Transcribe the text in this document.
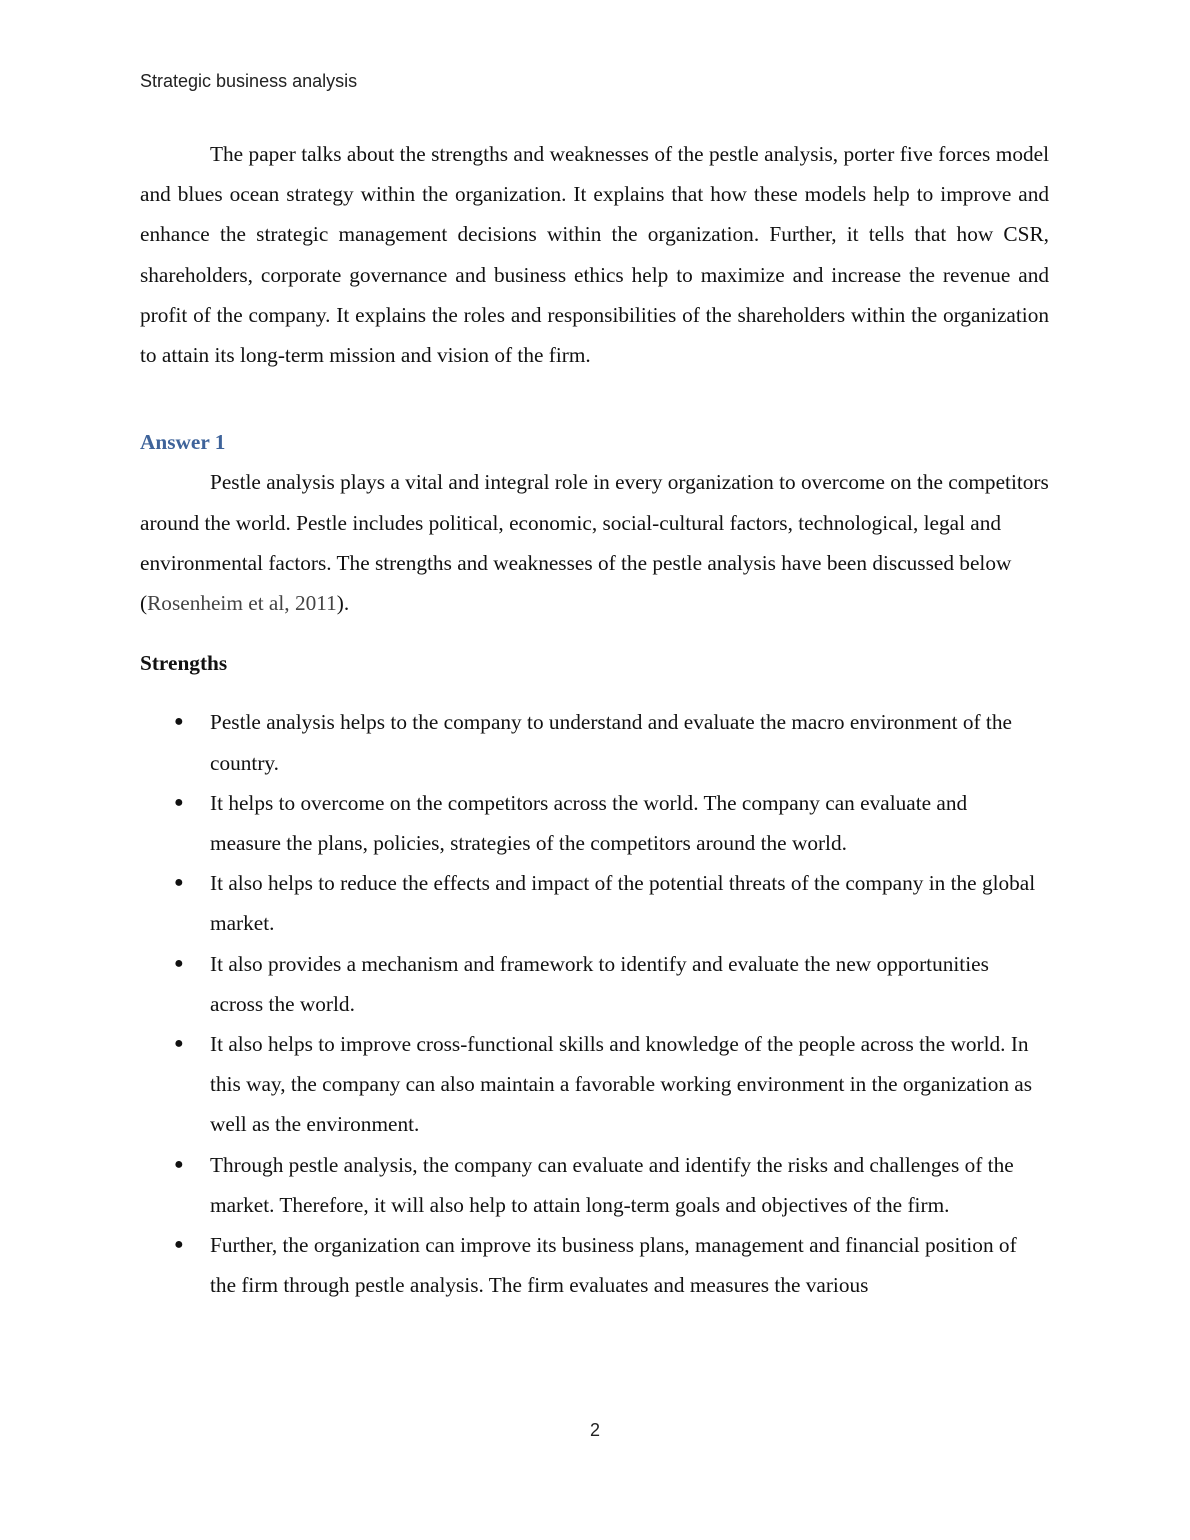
Strategic business analysis

The paper talks about the strengths and weaknesses of the pestle analysis, porter five forces model and blues ocean strategy within the organization. It explains that how these models help to improve and enhance the strategic management decisions within the organization. Further, it tells that how CSR, shareholders, corporate governance and business ethics help to maximize and increase the revenue and profit of the company. It explains the roles and responsibilities of the shareholders within the organization to attain its long-term mission and vision of the firm.

Answer 1

Pestle analysis plays a vital and integral role in every organization to overcome on the competitors around the world. Pestle includes political, economic, social-cultural factors, technological, legal and environmental factors. The strengths and weaknesses of the pestle analysis have been discussed below (Rosenheim et al, 2011).

Strengths
● Pestle analysis helps to the company to understand and evaluate the macro environment of the country.
● It helps to overcome on the competitors across the world. The company can evaluate and measure the plans, policies, strategies of the competitors around the world.
● It also helps to reduce the effects and impact of the potential threats of the company in the global market.
● It also provides a mechanism and framework to identify and evaluate the new opportunities across the world.
● It also helps to improve cross-functional skills and knowledge of the people across the world. In this way, the company can also maintain a favorable working environment in the organization as well as the environment.
● Through pestle analysis, the company can evaluate and identify the risks and challenges of the market. Therefore, it will also help to attain long-term goals and objectives of the firm.
● Further, the organization can improve its business plans, management and financial position of the firm through pestle analysis. The firm evaluates and measures the various
2
